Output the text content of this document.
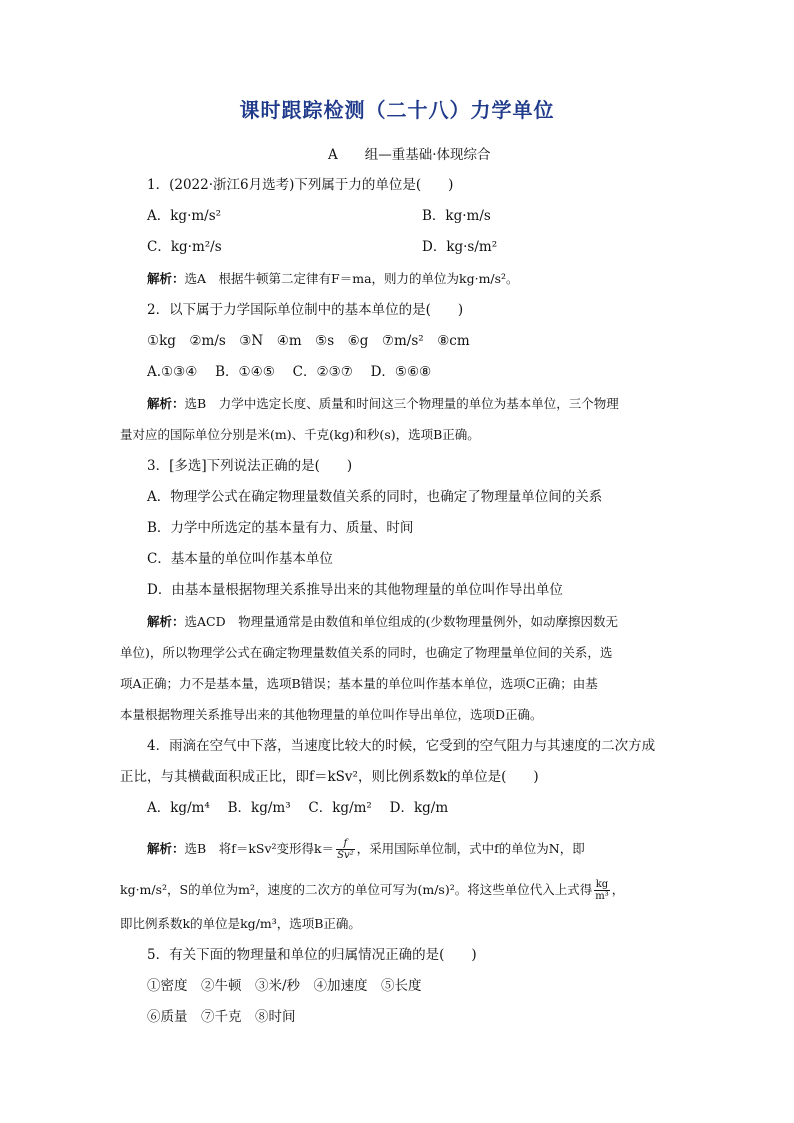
课时跟踪检测（二十八）力学单位
A　　组—重基础·体现综合
1．(2022·浙江6月选考)下列属于力的单位是(　　)
A．kg·m/s²	B．kg·m/s
C．kg·m²/s	D．kg·s/m²
解析：选A　根据牛顿第二定律有F＝ma，则力的单位为kg·m/s²。
2．以下属于力学国际单位制中的基本单位的是(　　)
①kg　②m/s　③N　④m　⑤s　⑥g　⑦m/s²　⑧cm
A.①③④　 B．①④⑤　 C．②③⑦　 D．⑤⑥⑧
解析：选B　力学中选定长度、质量和时间这三个物理量的单位为基本单位，三个物理
量对应的国际单位分别是米(m)、千克(kg)和秒(s)，选项B正确。
3．[多选]下列说法正确的是(　　)
A．物理学公式在确定物理量数值关系的同时，也确定了物理量单位间的关系
B．力学中所选定的基本量有力、质量、时间
C．基本量的单位叫作基本单位
D．由基本量根据物理关系推导出来的其他物理量的单位叫作导出单位
解析：选ACD　物理量通常是由数值和单位组成的(少数物理量例外，如动摩擦因数无
单位)，所以物理学公式在确定物理量数值关系的同时，也确定了物理量单位间的关系，选
项A正确；力不是基本量，选项B错误；基本量的单位叫作基本单位，选项C正确；由基
本量根据物理关系推导出来的其他物理量的单位叫作导出单位，选项D正确。
4．雨滴在空气中下落，当速度比较大的时候，它受到的空气阻力与其速度的二次方成
正比，与其横截面积成正比，即f＝kSv²，则比例系数k的单位是(　　)
A．kg/m⁴　 B．kg/m³　 C．kg/m²　 D．kg/m
解析：选B　将f＝kSv²变形得$k= \frac{f}{\text{Sv²}}$ ，采用国际单位制，式中f的单位为N，即
kg·m/s²，S的单位为m²，速度的二次方的单位可写为(m/s)²。将这些单位代入上式得 $\frac{kg}{\text{m³}}$ ，
即比例系数k的单位是kg/m³，选项B正确。
5．有关下面的物理量和单位的归属情况正确的是(　　)
①密度　②牛顿　③米/秒　④加速度　⑤长度
⑥质量　⑦千克　⑧时间
